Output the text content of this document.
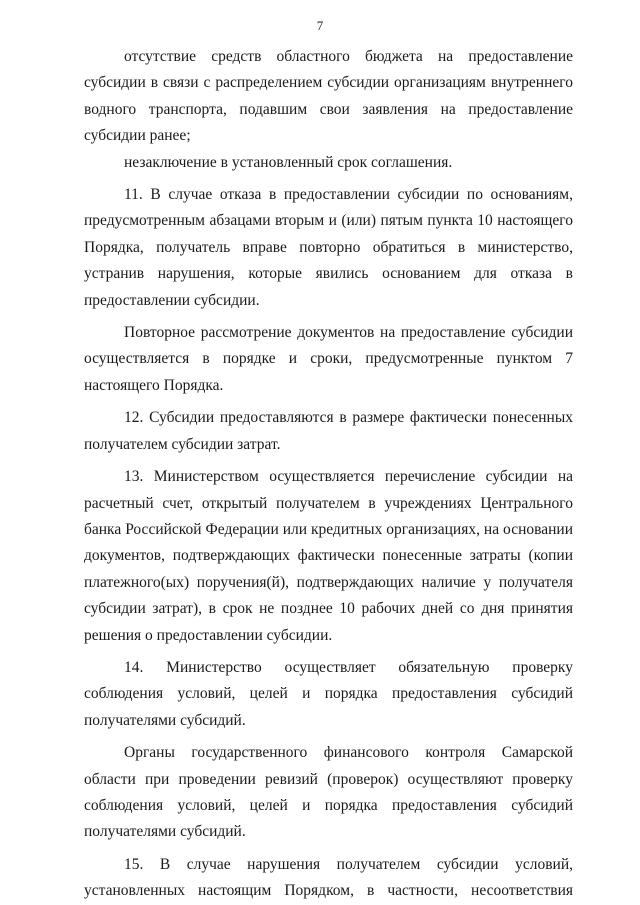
7

отсутствие средств областного бюджета на предоставление субсидии в связи с распределением субсидии организациям внутреннего водного транспорта, подавшим свои заявления на предоставление субсидии ранее;

незаключение в установленный срок соглашения.

11. В случае отказа в предоставлении субсидии по основаниям, предусмотренным абзацами вторым и (или) пятым пункта 10 настоящего Порядка, получатель вправе повторно обратиться в министерство, устранив нарушения, которые явились основанием для отказа в предоставлении субсидии.

Повторное рассмотрение документов на предоставление субсидии осуществляется в порядке и сроки, предусмотренные пунктом 7 настоящего Порядка.

12. Субсидии предоставляются в размере фактически понесенных получателем субсидии затрат.

13. Министерством осуществляется перечисление субсидии на расчетный счет, открытый получателем в учреждениях Центрального банка Российской Федерации или кредитных организациях, на основании документов, подтверждающих фактически понесенные затраты (копии платежного(ых) поручения(й), подтверждающих наличие у получателя субсидии затрат), в срок не позднее 10 рабочих дней со дня принятия решения о предоставлении субсидии.

14. Министерство осуществляет обязательную проверку соблюдения условий, целей и порядка предоставления субсидий получателями субсидий.

Органы государственного финансового контроля Самарской области при проведении ревизий (проверок) осуществляют проверку соблюдения условий, целей и порядка предоставления субсидий получателями субсидий.

15. В случае нарушения получателем субсидии условий, установленных настоящим Порядком, в частности, несоответствия
